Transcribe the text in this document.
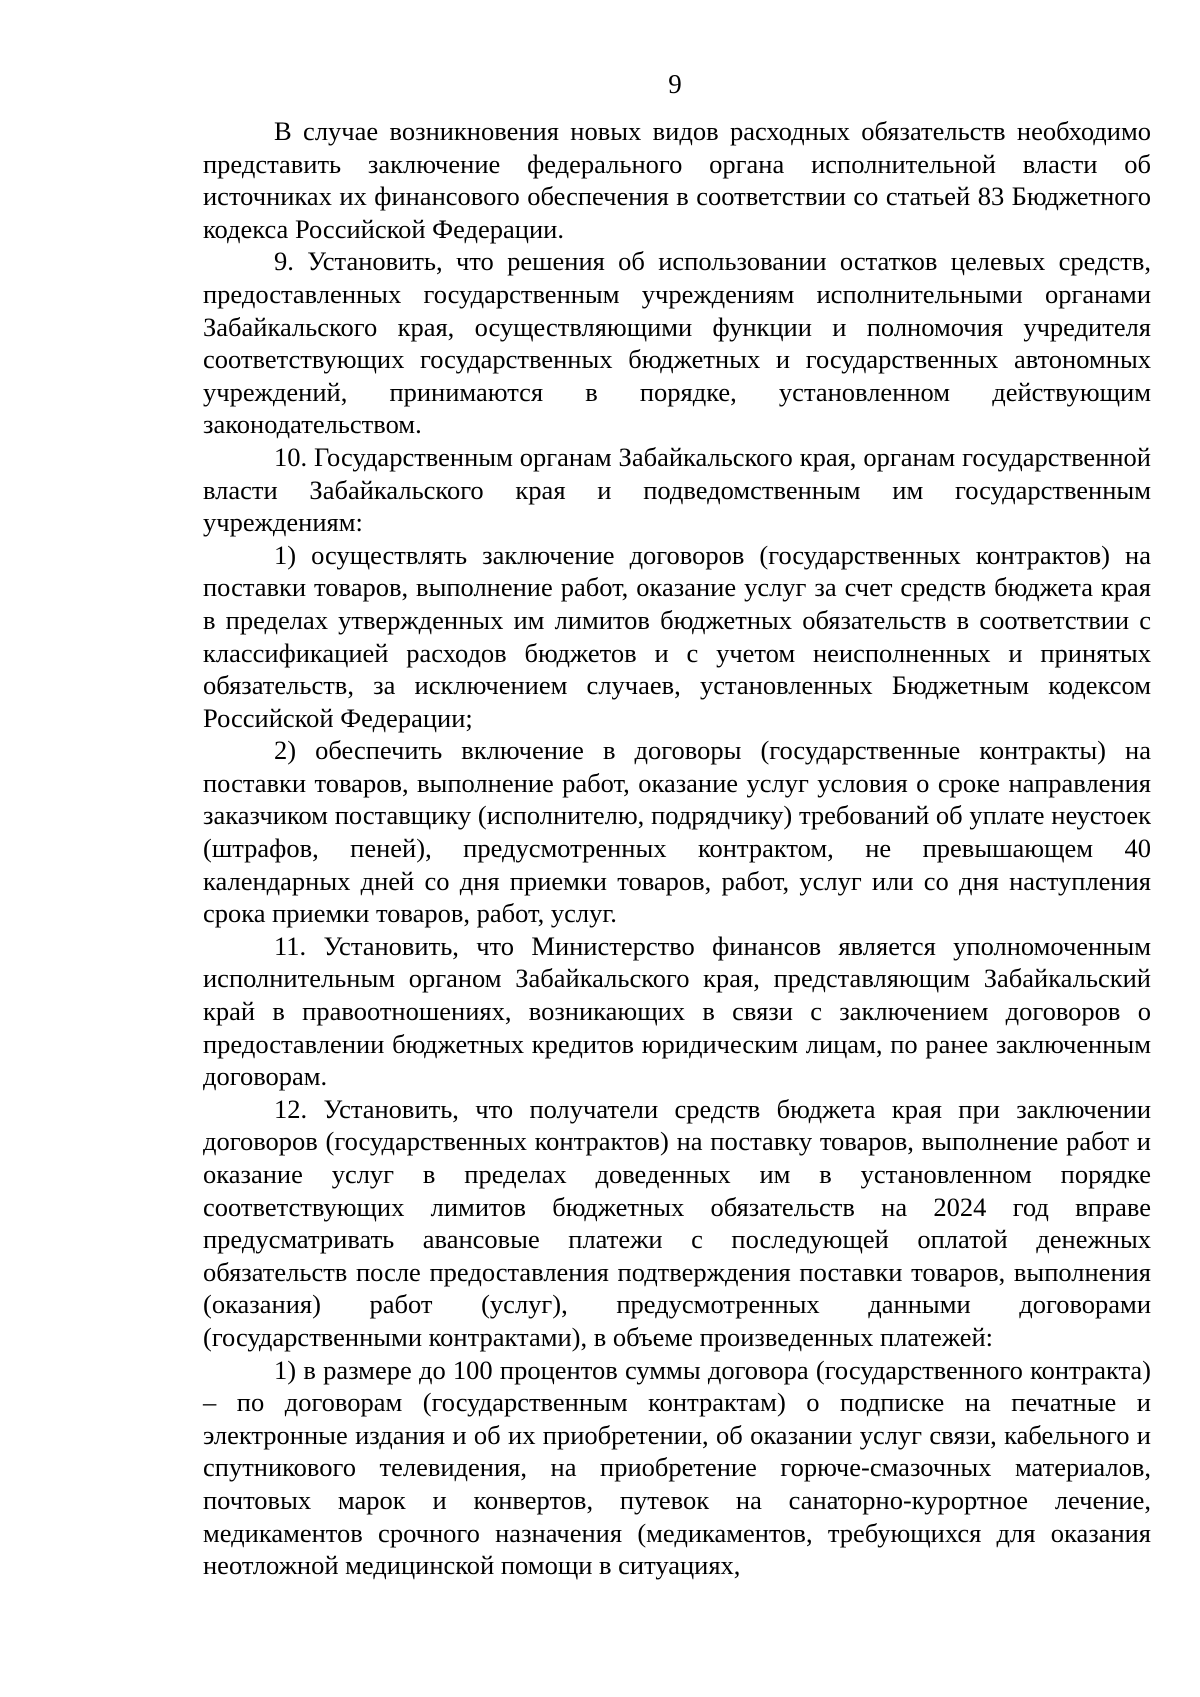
9

В случае возникновения новых видов расходных обязательств необходимо представить заключение федерального органа исполнительной власти об источниках их финансового обеспечения в соответствии со статьей 83 Бюджетного кодекса Российской Федерации.

9. Установить, что решения об использовании остатков целевых средств, предоставленных государственным учреждениям исполнительными органами Забайкальского края, осуществляющими функции и полномочия учредителя соответствующих государственных бюджетных и государственных автономных учреждений, принимаются в порядке, установленном действующим законодательством.

10. Государственным органам Забайкальского края, органам государственной власти Забайкальского края и подведомственным им государственным учреждениям:

1) осуществлять заключение договоров (государственных контрактов) на поставки товаров, выполнение работ, оказание услуг за счет средств бюджета края в пределах утвержденных им лимитов бюджетных обязательств в соответствии с классификацией расходов бюджетов и с учетом неисполненных и принятых обязательств, за исключением случаев, установленных Бюджетным кодексом Российской Федерации;

2) обеспечить включение в договоры (государственные контракты) на поставки товаров, выполнение работ, оказание услуг условия о сроке направления заказчиком поставщику (исполнителю, подрядчику) требований об уплате неустоек (штрафов, пеней), предусмотренных контрактом, не превышающем 40 календарных дней со дня приемки товаров, работ, услуг или со дня наступления срока приемки товаров, работ, услуг.

11. Установить, что Министерство финансов является уполномоченным исполнительным органом Забайкальского края, представляющим Забайкальский край в правоотношениях, возникающих в связи с заключением договоров о предоставлении бюджетных кредитов юридическим лицам, по ранее заключенным договорам.

12. Установить, что получатели средств бюджета края при заключении договоров (государственных контрактов) на поставку товаров, выполнение работ и оказание услуг в пределах доведенных им в установленном порядке соответствующих лимитов бюджетных обязательств на 2024 год вправе предусматривать авансовые платежи с последующей оплатой денежных обязательств после предоставления подтверждения поставки товаров, выполнения (оказания) работ (услуг), предусмотренных данными договорами (государственными контрактами), в объеме произведенных платежей:

1) в размере до 100 процентов суммы договора (государственного контракта) – по договорам (государственным контрактам) о подписке на печатные и электронные издания и об их приобретении, об оказании услуг связи, кабельного и спутникового телевидения, на приобретение горюче-смазочных материалов, почтовых марок и конвертов, путевок на санаторно-курортное лечение, медикаментов срочного назначения (медикаментов, требующихся для оказания неотложной медицинской помощи в ситуациях,
